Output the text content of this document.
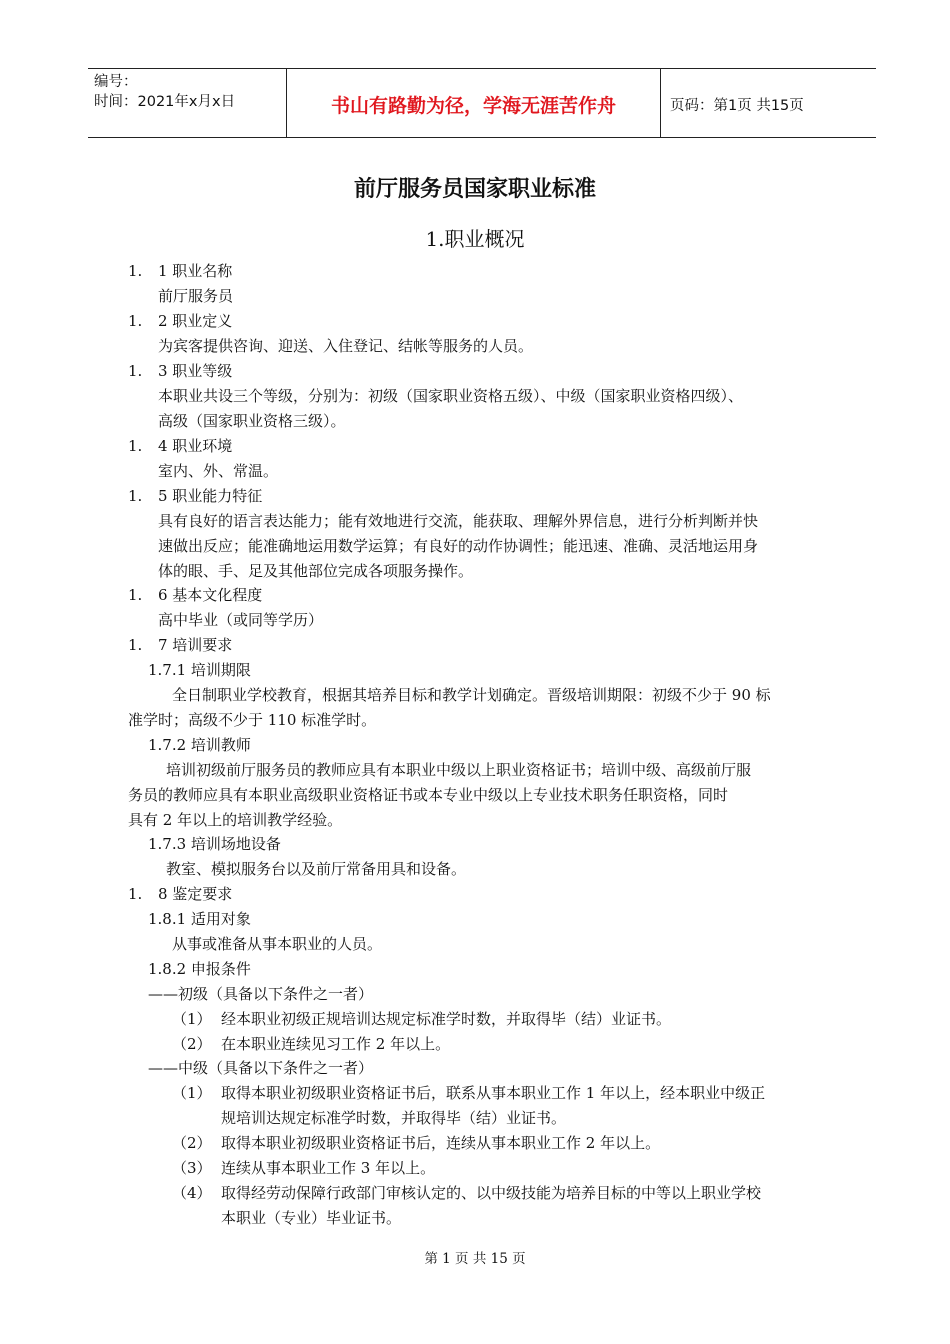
编号：
时间：2021年x月x日	书山有路勤为径，学海无涯苦作舟	页码：第1页 共15页
前厅服务员国家职业标准
1.职业概况
1. 1 职业名称
前厅服务员
1. 2 职业定义
为宾客提供咨询、迎送、入住登记、结帐等服务的人员。
1. 3 职业等级
本职业共设三个等级，分别为：初级（国家职业资格五级）、中级（国家职业资格四级）、
高级（国家职业资格三级）。
1. 4 职业环境
室内、外、常温。
1. 5 职业能力特征
具有良好的语言表达能力；能有效地进行交流，能获取、理解外界信息，进行分析判断并快
速做出反应；能准确地运用数学运算；有良好的动作协调性；能迅速、准确、灵活地运用身
体的眼、手、足及其他部位完成各项服务操作。
1. 6 基本文化程度
高中毕业（或同等学历）
1. 7 培训要求
1.7.1 培训期限
全日制职业学校教育，根据其培养目标和教学计划确定。晋级培训期限：初级不少于 90 标
准学时；高级不少于 110 标准学时。
1.7.2 培训教师
培训初级前厅服务员的教师应具有本职业中级以上职业资格证书；培训中级、高级前厅服
务员的教师应具有本职业高级职业资格证书或本专业中级以上专业技术职务任职资格，同时
具有 2 年以上的培训教学经验。
1.7.3 培训场地设备
教室、模拟服务台以及前厅常备用具和设备。
1. 8 鉴定要求
1.8.1 适用对象
从事或准备从事本职业的人员。
1.8.2 申报条件
——初级（具备以下条件之一者）
（1） 经本职业初级正规培训达规定标准学时数，并取得毕（结）业证书。
（2） 在本职业连续见习工作 2 年以上。
——中级（具备以下条件之一者）
（1） 取得本职业初级职业资格证书后，联系从事本职业工作 1 年以上，经本职业中级正
规培训达规定标准学时数，并取得毕（结）业证书。
（2） 取得本职业初级职业资格证书后，连续从事本职业工作 2 年以上。
（3） 连续从事本职业工作 3 年以上。
（4） 取得经劳动保障行政部门审核认定的、以中级技能为培养目标的中等以上职业学校
本职业（专业）毕业证书。
第 1 页 共 15 页
